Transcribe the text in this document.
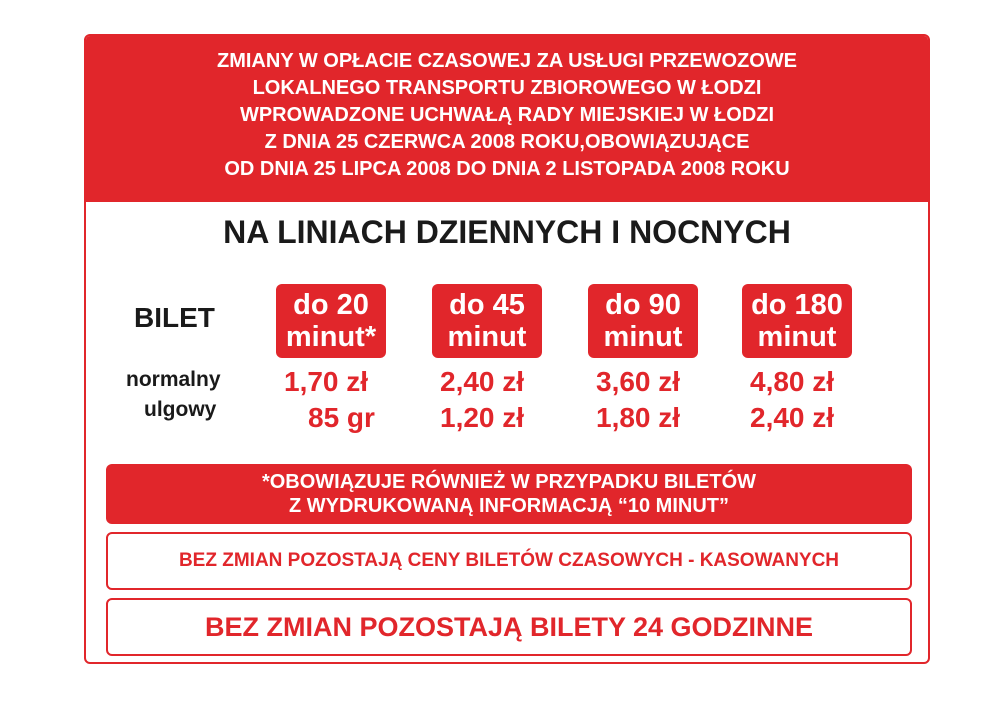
ZMIANY W OPŁACIE CZASOWEJ ZA USŁUGI PRZEWOZOWE
LOKALNEGO TRANSPORTU ZBIOROWEGO W ŁODZI
WPROWADZONE UCHWAŁĄ RADY MIEJSKIEJ W ŁODZI
Z DNIA 25 CZERWCA 2008 ROKU,OBOWIĄZUJĄCE
OD DNIA 25 LIPCA 2008 DO DNIA 2 LISTOPADA 2008 ROKU
NA LINIACH DZIENNYCH I NOCNYCH
BILET
normalny
ulgowy
do 20
minut*
1,70 zł
85 gr
do 45
minut
2,40 zł
1,20 zł
do 90
minut
3,60 zł
1,80 zł
do 180
minut
4,80 zł
2,40 zł
*OBOWIĄZUJE RÓWNIEŻ W PRZYPADKU BILETÓW
Z WYDRUKOWANĄ INFORMACJĄ “10 MINUT”
BEZ ZMIAN POZOSTAJĄ CENY BILETÓW CZASOWYCH - KASOWANYCH
BEZ ZMIAN POZOSTAJĄ BILETY 24 GODZINNE
